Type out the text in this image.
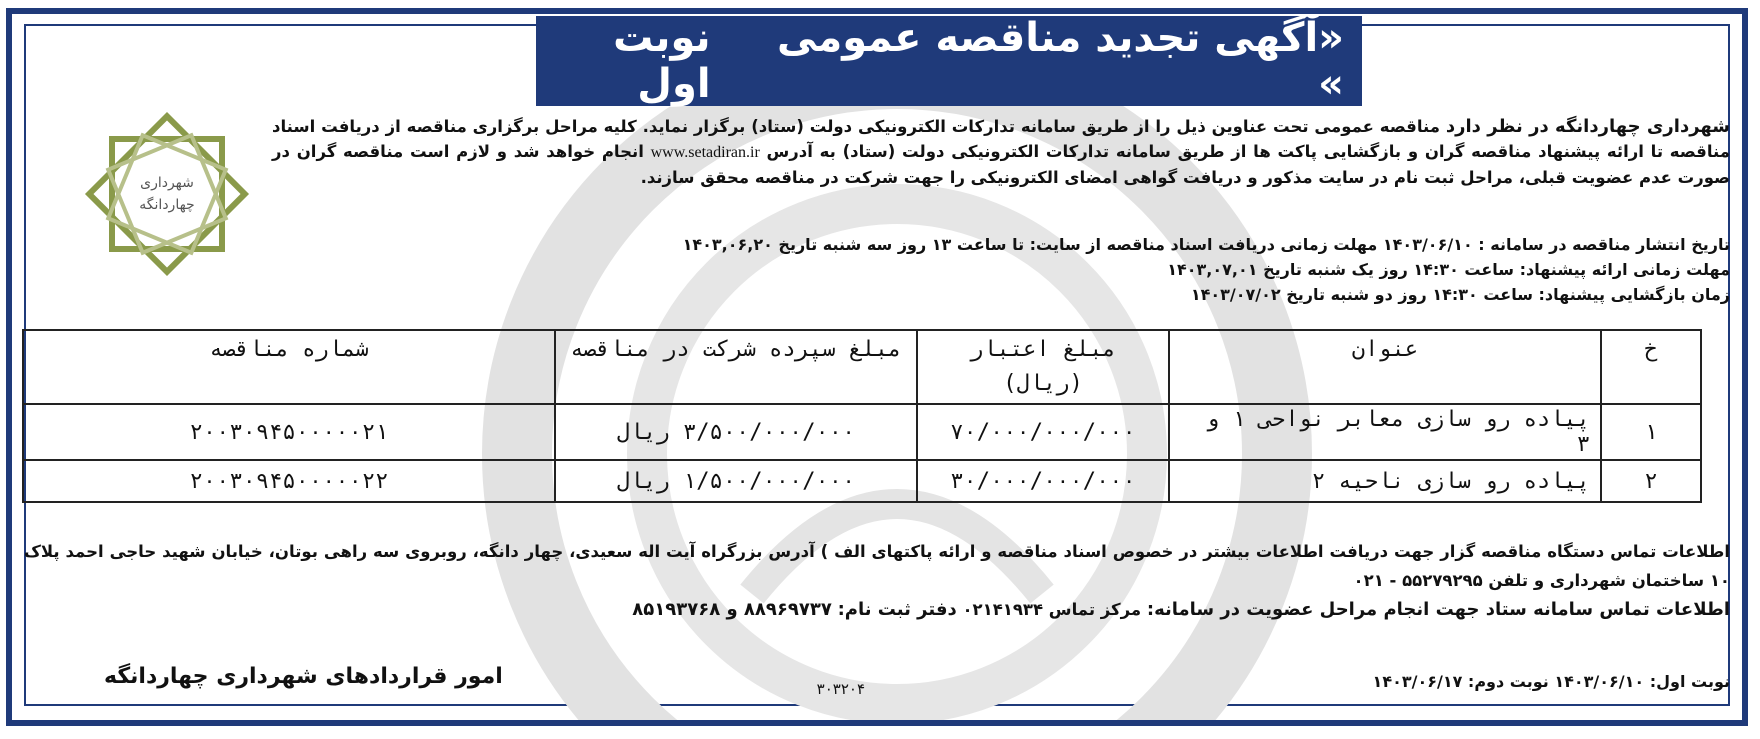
«آگهی تجدید مناقصه عمومی »
نوبت اول
شهرداری
چهاردانگه
شهرداری چهاردانگه در نظر دارد مناقصه عمومی تحت عناوین ذیل را از طریق سامانه تدارکات الکترونیکی دولت (ستاد) برگزار نماید. کلیه مراحل برگزاری مناقصه از دریافت اسناد مناقصه تا ارائه پیشنهاد مناقصه گران و بازگشایی پاکت ها از طریق سامانه تدارکات الکترونیکی دولت (ستاد) به آدرس www.setadiran.ir انجام خواهد شد و لازم است مناقصه گران در صورت عدم عضویت قبلی، مراحل ثبت نام در سایت مذکور و دریافت گواهی امضای الکترونیکی را جهت شرکت در مناقصه محقق سازند.
تاریخ انتشار مناقصه در سامانه : ۱۴۰۳/۰۶/۱۰ مهلت زمانی دریافت اسناد مناقصه از سایت: تا ساعت ۱۳ روز سه شنبه تاریخ ۱۴۰۳,۰۶,۲۰
مهلت زمانی ارائه پیشنهاد: ساعت ۱۴:۳۰ روز یک شنبه تاریخ ۱۴۰۳,۰۷,۰۱
زمان بازگشایی پیشنهاد: ساعت ۱۴:۳۰ روز دو شنبه تاریخ ۱۴۰۳/۰۷/۰۲
خ	عنوان	مبلغ اعتبار (ریال)	مبلغ سپرده شرکت در مناقصه	شماره مناقصه
۱	پیاده رو سازی معابر نواحی ۱ و ۳	۷۰/۰۰۰/۰۰۰/۰۰۰	۳/۵۰۰/۰۰۰/۰۰۰ ریال	۲۰۰۳۰۹۴۵۰۰۰۰۰۲۱
۲	پیاده رو سازی ناحیه ۲	۳۰/۰۰۰/۰۰۰/۰۰۰	۱/۵۰۰/۰۰۰/۰۰۰ ریال	۲۰۰۳۰۹۴۵۰۰۰۰۰۲۲
اطلاعات تماس دستگاه مناقصه گزار جهت دریافت اطلاعات بیشتر در خصوص اسناد مناقصه و ارائه پاکتهای الف ) آدرس بزرگراه آیت اله سعیدی، چهار دانگه، روبروی سه راهی بوتان، خیابان شهید حاجی احمد پلاک ۱۰ ساختمان شهرداری و تلفن ۵۵۲۷۹۲۹۵ - ۰۲۱
اطلاعات تماس سامانه ستاد جهت انجام مراحل عضویت در سامانه: مرکز تماس ۰۲۱۴۱۹۳۴ دفتر ثبت نام: ۸۸۹۶۹۷۳۷ و ۸۵۱۹۳۷۶۸
نوبت اول: ۱۴۰۳/۰۶/۱۰ نوبت دوم: ۱۴۰۳/۰۶/۱۷
۳۰۳۲۰۴
امور قراردادهای شهرداری چهاردانگه
